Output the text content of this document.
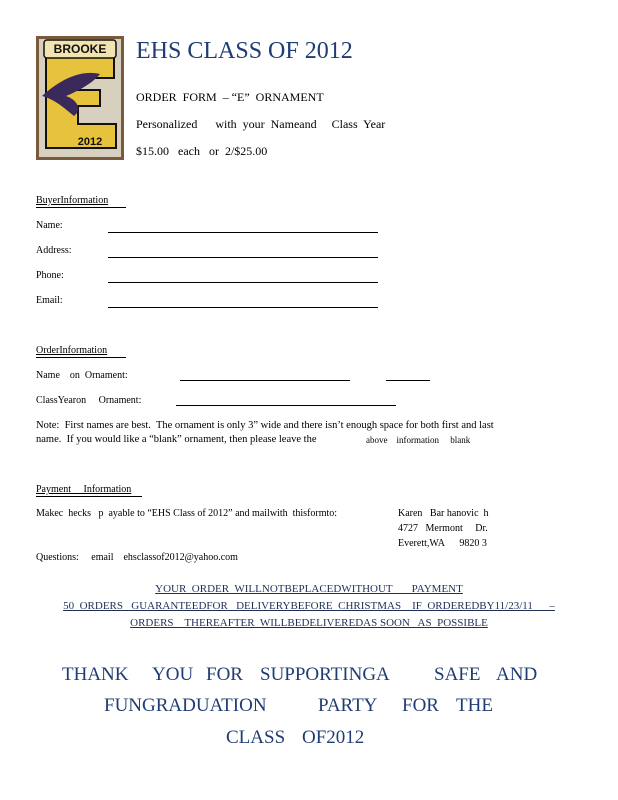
BROOKE
2012
EHS CLASS OF 2012
ORDER  FORM  – “E”  ORNAMENT
Personalized      with  your  Nameand     Class  Year
$15.00   each   or  2/$25.00
BuyerInformation
Name:
Address:
Phone:
Email:
OrderInformation
Name    on  Ornament:
ClassYearon     Ornament:
Note:  First names are best.  The ornament is only 3” wide and there isn’t enough space for both first and last
name.  If you would like a “blank” ornament, then please leave the	above    information     blank
Payment     Information
Makec  hecks   p  ayable to “EHS Class of 2012” and mailwith  thisformto:	Karen   Bar hanovic  h
4727   Mermont     Dr.
Everett,WA      9820 3
Questions:     email    ehsclassof2012@yahoo.com
YOUR  ORDER  WILLNOTBEPLACEDWITHOUT       PAYMENT
50  ORDERS   GUARANTEEDFOR   DELIVERYBEFORE  CHRISTMAS    IF  ORDEREDBY11/23/11      –
ORDERS    THEREAFTER  WILLBEDELIVEREDAS SOON   AS  POSSIBLE
THANK YOU FOR SUPPORTINGA SAFE AND
FUNGRADUATION	PARTY FOR THE
CLASS OF2012
